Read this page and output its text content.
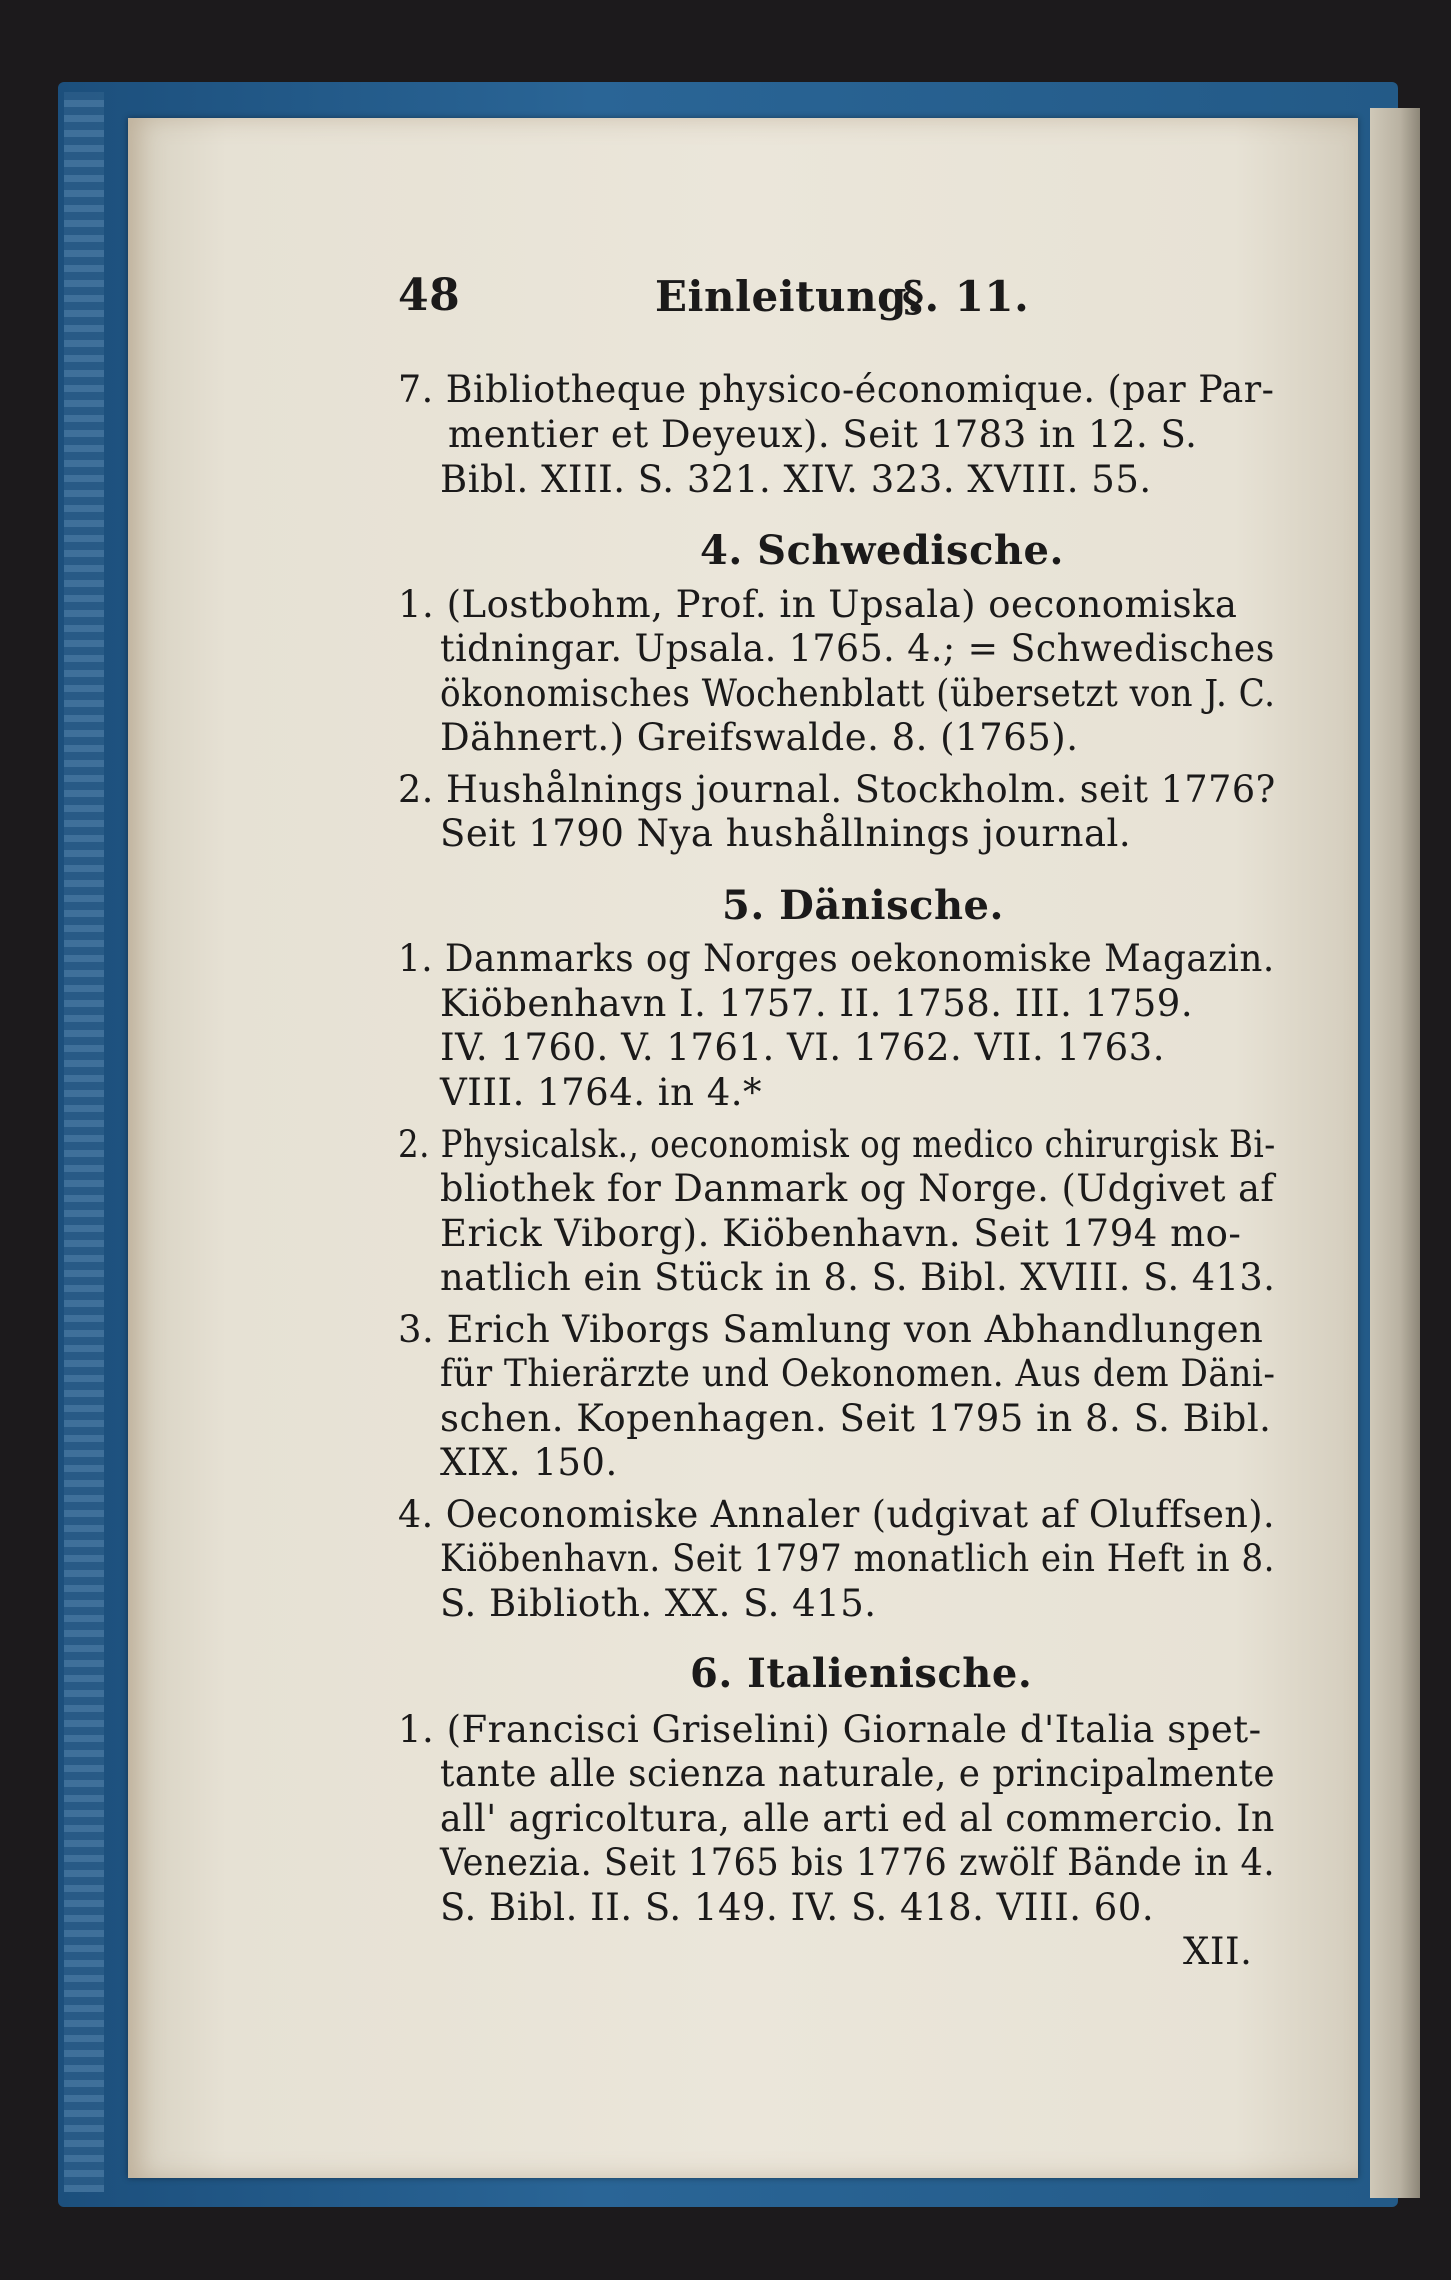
48	Einleitung.
§. 11.
7. Bibliotheque physico-économique. (par Par-
mentier et Deyeux). Seit 1783 in 12. S.
Bibl. XIII. S. 321. XIV. 323. XVIII. 55.
4. Schwedische.
1. (Lostbohm, Prof. in Upsala) oeconomiska
tidningar. Upsala. 1765. 4.; = Schwedisches
ökonomisches Wochenblatt (übersetzt von J. C.
Dähnert.) Greifswalde. 8. (1765).
2. Hushålnings journal. Stockholm. seit 1776?
Seit 1790 Nya hushållnings journal.
5. Dänische.
1. Danmarks og Norges oekonomiske Magazin.
Kiöbenhavn I. 1757. II. 1758. III. 1759.
IV. 1760. V. 1761. VI. 1762. VII. 1763.
VIII. 1764. in 4.*
2. Physicalsk., oeconomisk og medico chirurgisk Bi-
bliothek for Danmark og Norge. (Udgivet af
Erick Viborg). Kiöbenhavn. Seit 1794 mo-
natlich ein Stück in 8. S. Bibl. XVIII. S. 413.
3. Erich Viborgs Samlung von Abhandlungen
für Thierärzte und Oekonomen. Aus dem Däni-
schen. Kopenhagen. Seit 1795 in 8. S. Bibl.
XIX. 150.
4. Oeconomiske Annaler (udgivat af Oluffsen).
Kiöbenhavn. Seit 1797 monatlich ein Heft in 8.
S. Biblioth. XX. S. 415.
6. Italienische.
1. (Francisci Griselini) Giornale d'Italia spet-
tante alle scienza naturale, e principalmente
all' agricoltura, alle arti ed al commercio. In
Venezia. Seit 1765 bis 1776 zwölf Bände in 4.
S. Bibl. II. S. 149. IV. S. 418. VIII. 60.
XII.
